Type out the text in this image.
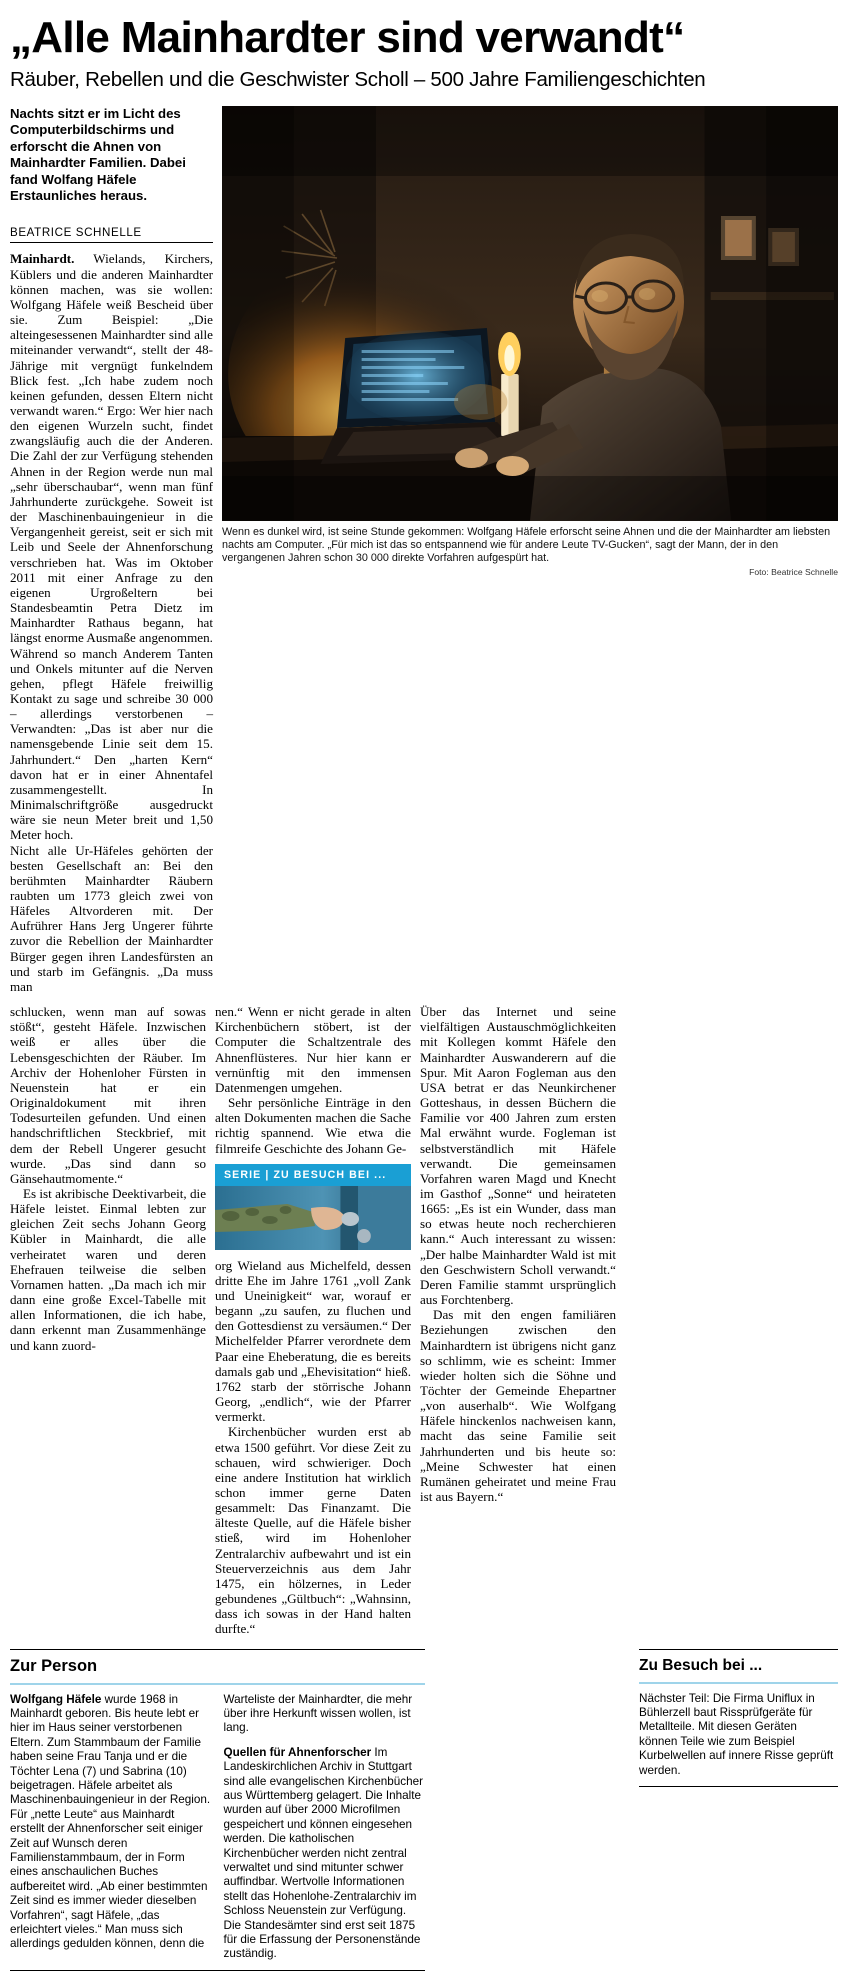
„Alle Mainhardter sind verwandt“
Räuber, Rebellen und die Geschwister Scholl – 500 Jahre Familiengeschichten

Nachts sitzt er im Licht des Computerbildschirms und erforscht die Ahnen von Mainhardter Familien. Dabei fand Wolfang Häfele Erstaunliches heraus.

BEATRICE SCHNELLE

Mainhardt. Wielands, Kirchers, Küblers und die anderen Mainhardter können machen, was sie wollen: Wolfgang Häfele weiß Bescheid über sie. Zum Beispiel: „Die alteingesessenen Mainhardter sind alle miteinander verwandt“, stellt der 48-Jährige mit vergnügt funkelndem Blick fest. „Ich habe zudem noch keinen gefunden, dessen Eltern nicht verwandt waren.“ Ergo: Wer hier nach den eigenen Wurzeln sucht, findet zwangsläufig auch die der Anderen. Die Zahl der zur Verfügung stehenden Ahnen in der Region werde nun mal „sehr überschaubar“, wenn man fünf Jahrhunderte zurückgehe. Soweit ist der Maschinenbauingenieur in die Vergangenheit gereist, seit er sich mit Leib und Seele der Ahnenforschung verschrieben hat. Was im Oktober 2011 mit einer Anfrage zu den eigenen Urgroßeltern bei Standesbeamtin Petra Dietz im Mainhardter Rathaus begann, hat längst enorme Ausmaße angenommen.

Während so manch Anderem Tanten und Onkels mitunter auf die Nerven gehen, pflegt Häfele freiwillig Kontakt zu sage und schreibe 30 000 – allerdings verstorbenen – Verwandten: „Das ist aber nur die namensgebende Linie seit dem 15. Jahrhundert.“ Den „harten Kern“ davon hat er in einer Ahnentafel zusammengestellt. In Minimalschriftgröße ausgedruckt wäre sie neun Meter breit und 1,50 Meter hoch.

Nicht alle Ur-Häfeles gehörten der besten Gesellschaft an: Bei den berühmten Mainhardter Räubern raubten um 1773 gleich zwei von Häfeles Altvorderen mit. Der Aufrührer Hans Jerg Ungerer führte zuvor die Rebellion der Mainhardter Bürger gegen ihren Landesfürsten an und starb im Gefängnis. „Da muss man

Wenn es dunkel wird, ist seine Stunde gekommen: Wolfgang Häfele erforscht seine Ahnen und die der Mainhardter am liebsten nachts am Computer. „Für mich ist das so entspannend wie für andere Leute TV-Gucken“, sagt der Mann, der in den vergangenen Jahren schon 30 000 direkte Vorfahren aufgespürt hat.
Foto: Beatrice Schnelle

schlucken, wenn man auf sowas stößt“, gesteht Häfele. Inzwischen weiß er alles über die Lebensgeschichten der Räuber. Im Archiv der Hohenloher Fürsten in Neuenstein hat er ein Originaldokument mit ihren Todesurteilen gefunden. Und einen handschriftlichen Steckbrief, mit dem der Rebell Ungerer gesucht wurde. „Das sind dann so Gänsehautmomente.“

Es ist akribische Deektivarbeit, die Häfele leistet. Einmal lebten zur gleichen Zeit sechs Johann Georg Kübler in Mainhardt, die alle verheiratet waren und deren Ehefrauen teilweise die selben Vornamen hatten. „Da mach ich mir dann eine große Excel-Tabelle mit allen Informationen, die ich habe, dann erkennt man Zusammenhänge und kann zuord-

nen.“ Wenn er nicht gerade in alten Kirchenbüchern stöbert, ist der Computer die Schaltzentrale des Ahnenflüsteres. Nur hier kann er vernünftig mit den immensen Datenmengen umgehen.

Sehr persönliche Einträge in den alten Dokumenten machen die Sache richtig spannend. Wie etwa die filmreife Geschichte des Johann Ge-

SERIE | ZU BESUCH BEI ...

org Wieland aus Michelfeld, dessen dritte Ehe im Jahre 1761 „voll Zank und Uneinigkeit“ war, worauf er begann „zu saufen, zu fluchen und den Gottesdienst zu versäumen.“ Der Michelfelder Pfarrer verordnete dem Paar eine Eheberatung, die es bereits damals gab und „Ehevisitation“ hieß. 1762 starb der störrische Johann Georg, „endlich“, wie der Pfarrer vermerkt.

Kirchenbücher wurden erst ab etwa 1500 geführt. Vor diese Zeit zu schauen, wird schwieriger. Doch eine andere Institution hat wirklich schon immer gerne Daten gesammelt: Das Finanzamt. Die älteste Quelle, auf die Häfele bisher stieß, wird im Hohenloher Zentralarchiv aufbewahrt und ist ein Steuerverzeichnis aus dem Jahr 1475, ein hölzernes, in Leder gebundenes „Gültbuch“: „Wahnsinn, dass ich sowas in der Hand halten durfte.“

Über das Internet und seine vielfältigen Austauschmöglichkeiten mit Kollegen kommt Häfele den Mainhardter Auswanderern auf die Spur. Mit Aaron Fogleman aus den USA betrat er das Neunkirchener Gotteshaus, in dessen Büchern die Familie vor 400 Jahren zum ersten Mal erwähnt wurde. Fogleman ist selbstverständlich mit Häfele verwandt. Die gemeinsamen Vorfahren waren Magd und Knecht im Gasthof „Sonne“ und heirateten 1665: „Es ist ein Wunder, dass man so etwas heute noch recherchieren kann.“ Auch interessant zu wissen: „Der halbe Mainhardter Wald ist mit den Geschwistern Scholl verwandt.“ Deren Familie stammt ursprünglich aus Forchtenberg.

Das mit den engen familiären Beziehungen zwischen den Mainhardtern ist übrigens nicht ganz so schlimm, wie es scheint: Immer wieder holten sich die Söhne und Töchter der Gemeinde Ehepartner „von auserhalb“. Wie Wolfgang Häfele hinckenlos nachweisen kann, macht das seine Familie seit Jahrhunderten und bis heute so: „Meine Schwester hat einen Rumänen geheiratet und meine Frau ist aus Bayern.“

Zur Person

Wolfgang Häfele wurde 1968 in Mainhardt geboren. Bis heute lebt er hier im Haus seiner verstorbenen Eltern. Zum Stammbaum der Familie haben seine Frau Tanja und er die Töchter Lena (7) und Sabrina (10) beigetragen. Häfele arbeitet als Maschinenbauingenieur in der Region. Für „nette Leute“ aus Mainhardt erstellt der Ahnenforscher seit einiger Zeit auf Wunsch deren Familienstammbaum, der in Form eines anschaulichen Buches aufbereitet wird. „Ab einer bestimmten Zeit sind es immer wieder dieselben Vorfahren“, sagt Häfele, „das erleichtert vieles.“ Man muss sich allerdings gedulden können, denn die Warteliste der Mainhardter, die mehr über ihre Herkunft wissen wollen, ist lang.

Quellen für Ahnenforscher Im Landeskirchlichen Archiv in Stuttgart sind alle evangelischen Kirchenbücher aus Württemberg gelagert. Die Inhalte wurden auf über 2000 Microfilmen gespeichert und können eingesehen werden. Die katholischen Kirchenbücher werden nicht zentral verwaltet und sind mitunter schwer auffindbar. Wertvolle Informationen stellt das Hohenlohe-Zentralarchiv im Schloss Neuenstein zur Verfügung. Die Standesämter sind erst seit 1875 für die Erfassung der Personenstände zuständig.

Zu Besuch bei ...

Nächster Teil: Die Firma Uniflux in Bühlerzell baut Rissprüfgeräte für Metallteile. Mit diesen Geräten können Teile wie zum Beispiel Kurbelwellen auf innere Risse geprüft werden.
